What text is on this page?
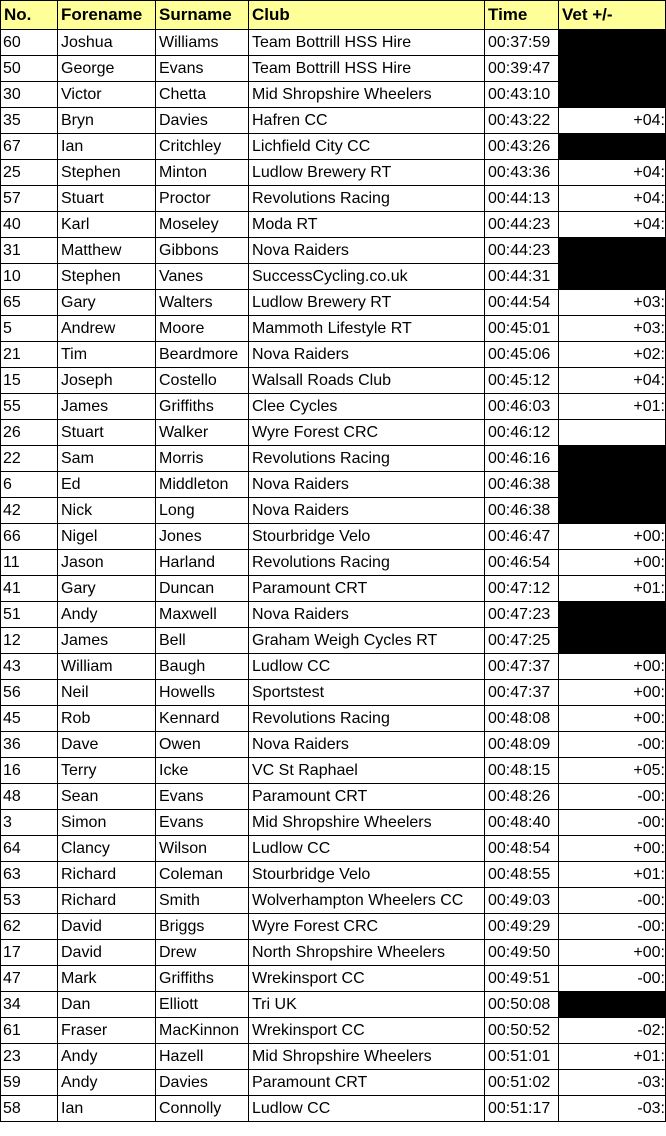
No.	Forename	Surname	Club	Time	Vet +/-
60	Joshua	Williams	Team Bottrill HSS Hire	00:37:59	
50	George	Evans	Team Bottrill HSS Hire	00:39:47	
30	Victor	Chetta	Mid Shropshire Wheelers	00:43:10	
35	Bryn	Davies	Hafren CC	00:43:22	+04:
67	Ian	Critchley	Lichfield City CC	00:43:26	
25	Stephen	Minton	Ludlow Brewery RT	00:43:36	+04:
57	Stuart	Proctor	Revolutions Racing	00:44:13	+04:
40	Karl	Moseley	Moda RT	00:44:23	+04:
31	Matthew	Gibbons	Nova Raiders	00:44:23	
10	Stephen	Vanes	SuccessCycling.co.uk	00:44:31	
65	Gary	Walters	Ludlow Brewery RT	00:44:54	+03:
5	Andrew	Moore	Mammoth Lifestyle RT	00:45:01	+03:
21	Tim	Beardmore	Nova Raiders	00:45:06	+02:
15	Joseph	Costello	Walsall Roads Club	00:45:12	+04:
55	James	Griffiths	Clee Cycles	00:46:03	+01:
26	Stuart	Walker	Wyre Forest CRC	00:46:12	
22	Sam	Morris	Revolutions Racing	00:46:16	
6	Ed	Middleton	Nova Raiders	00:46:38	
42	Nick	Long	Nova Raiders	00:46:38	
66	Nigel	Jones	Stourbridge Velo	00:46:47	+00:
11	Jason	Harland	Revolutions Racing	00:46:54	+00:
41	Gary	Duncan	Paramount CRT	00:47:12	+01:
51	Andy	Maxwell	Nova Raiders	00:47:23	
12	James	Bell	Graham Weigh Cycles RT	00:47:25	
43	William	Baugh	Ludlow CC	00:47:37	+00:
56	Neil	Howells	Sportstest	00:47:37	+00:
45	Rob	Kennard	Revolutions Racing	00:48:08	+00:
36	Dave	Owen	Nova Raiders	00:48:09	-00:
16	Terry	Icke	VC St Raphael	00:48:15	+05:
48	Sean	Evans	Paramount CRT	00:48:26	-00:
3	Simon	Evans	Mid Shropshire Wheelers	00:48:40	-00:
64	Clancy	Wilson	Ludlow CC	00:48:54	+00:
63	Richard	Coleman	Stourbridge Velo	00:48:55	+01:
53	Richard	Smith	Wolverhampton Wheelers CC	00:49:03	-00:
62	David	Briggs	Wyre Forest CRC	00:49:29	-00:
17	David	Drew	North Shropshire Wheelers	00:49:50	+00:
47	Mark	Griffiths	Wrekinsport CC	00:49:51	-00:
34	Dan	Elliott	Tri UK	00:50:08	
61	Fraser	MacKinnon	Wrekinsport CC	00:50:52	-02:
23	Andy	Hazell	Mid Shropshire Wheelers	00:51:01	+01:
59	Andy	Davies	Paramount CRT	00:51:02	-03:
58	Ian	Connolly	Ludlow CC	00:51:17	-03:
